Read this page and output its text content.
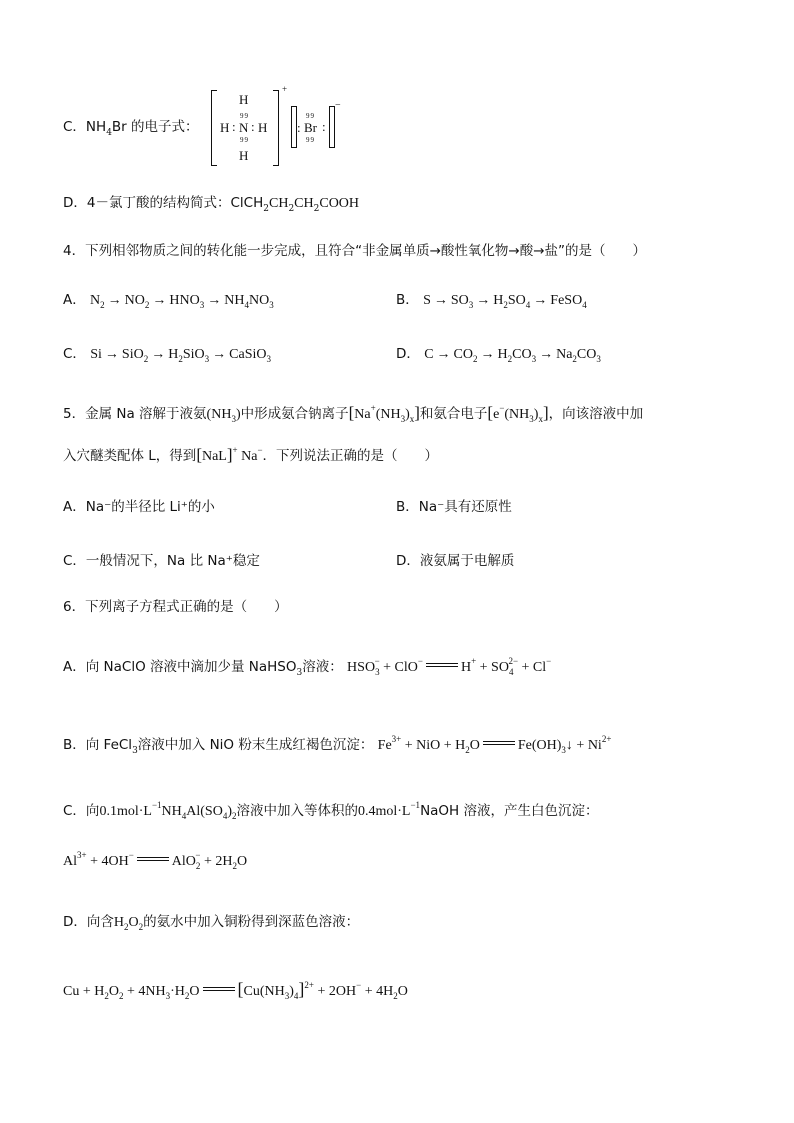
C．$NH_4Br$ 的电子式：
H
99
H : N : H
99
H
+
:
99
Br :
99
−
D．4－氯丁酸的结构简式：$ClCH_2CH_2CH_2COOH$
4．下列相邻物质之间的转化能一步完成，且符合“非金属单质→酸性氧化物→酸→盐”的是（　　）
A． $N_2 \to NO_2 \to HNO_3 \to NH_4NO_3$	B． $S \to SO_3 \to H_2SO_4$ → FeSO$_4$
C． $Si \to SiO_2 \to H_2SiO_3$ → CaSiO$_3$	D． $C \to CO_2 \to H_2CO_3 \to Na_2CO_3$
5．金属 Na 溶解于液氨$(NH_3)$中形成氨合钠离子$[Na^+(NH_3)_x]$和氨合电子$[e^-(NH_3)_x]$，向该溶液中加
入穴醚类配体 L，得到[NaL]+ Na−．下列说法正确的是（　　）
A．Na⁻的半径比 Li⁺的小	B．Na⁻具有还原性
C．一般情况下，Na 比 Na⁺稳定	D．液氨属于电解质
6．下列离子方程式正确的是（　　）
A．向 NaClO 溶液中滴加少量 NaHSO$_3$溶液： $HSO_3^- + ClO^-$	$H^+ + SO_4^{2-} + Cl^-$
B．向 FeCl$_3$溶液中加入 NiO 粉末生成红褐色沉淀： $Fe^{3+}$ + NiO + $H_2O$	$Fe(OH)_3↓ + Ni^{2+}$
C．向$0.1mol\cdot L^{-1}NH_4Al(SO_4)_2$溶液中加入等体积的$0.4mol\cdot L^{-1}NaOH$ 溶液，产生白色沉淀：
$Al^{3+} + 4OH^-$	$AlO_2^- + 2H_2O$
D．向含$H_2O_2$的氨水中加入铜粉得到深蓝色溶液：
$Cu + H_2O_2 + 4NH_3\cdot H_2O$ $[Cu(NH_3)_4]^{2+} + 2OH^- + 4H_2O$
